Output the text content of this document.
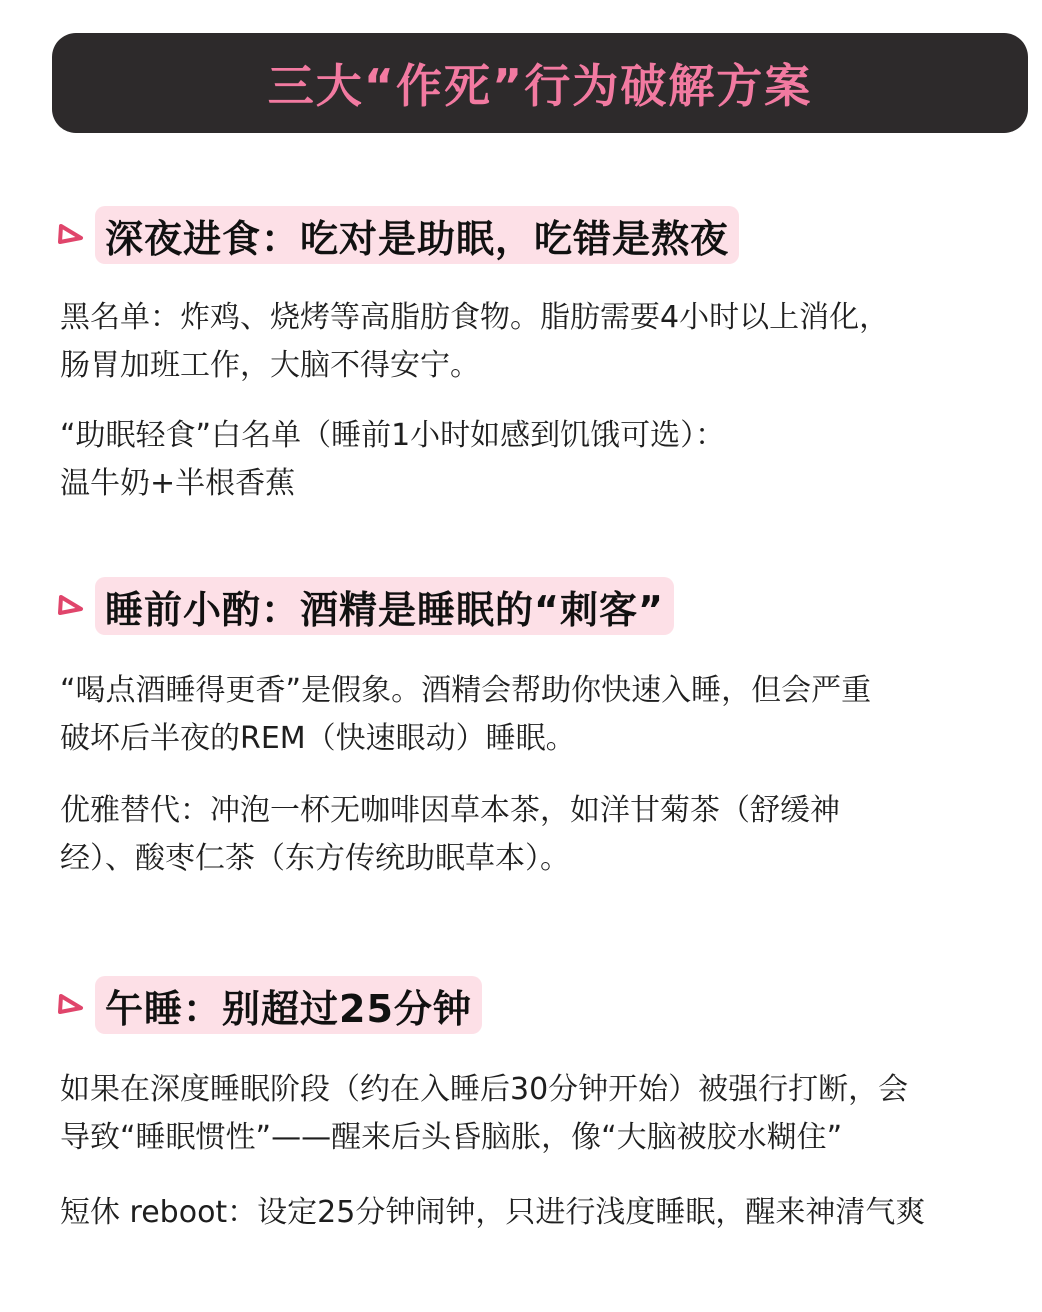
三大“作死”行为破解方案
深夜进食：吃对是助眠，吃错是熬夜

黑名单：炸鸡、烧烤等高脂肪食物。脂肪需要4小时以上消化，
肠胃加班工作，大脑不得安宁。

“助眠轻食”白名单（睡前1小时如感到饥饿可选）：
温牛奶+半根香蕉

睡前小酌：酒精是睡眠的“刺客”

“喝点酒睡得更香”是假象。酒精会帮助你快速入睡，但会严重
破坏后半夜的REM（快速眼动）睡眠。

优雅替代：冲泡一杯无咖啡因草本茶，如洋甘菊茶（舒缓神
经）、酸枣仁茶（东方传统助眠草本）。

午睡：别超过25分钟

如果在深度睡眠阶段（约在入睡后30分钟开始）被强行打断，会
导致“睡眠惯性”——醒来后头昏脑胀，像“大脑被胶水糊住”

短休 reboot：设定25分钟闹钟，只进行浅度睡眠，醒来神清气爽
